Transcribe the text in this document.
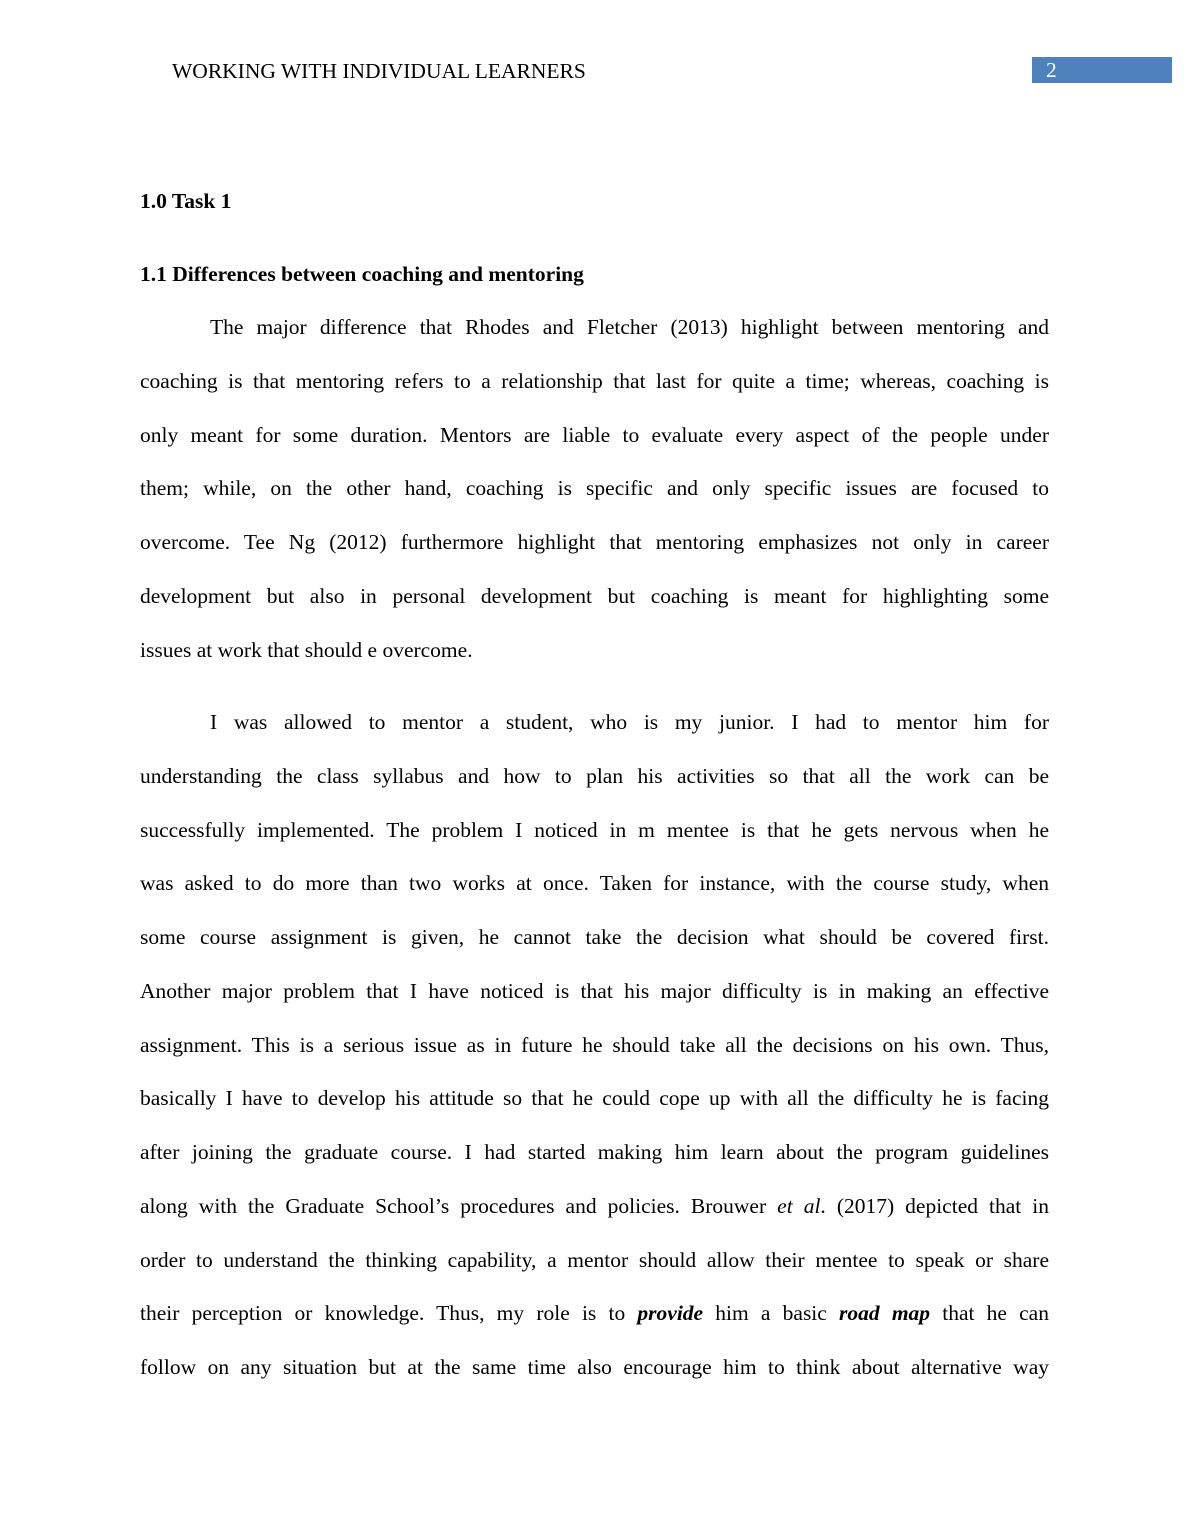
WORKING WITH INDIVIDUAL LEARNERS	2
1.0 Task 1
1.1 Differences between coaching and mentoring
The major difference that Rhodes and Fletcher (2013) highlight between mentoring and
coaching is that mentoring refers to a relationship that last for quite a time; whereas, coaching is
only meant for some duration. Mentors are liable to evaluate every aspect of the people under
them; while, on the other hand, coaching is specific and only specific issues are focused to
overcome. Tee Ng (2012) furthermore highlight that mentoring emphasizes not only in career
development but also in personal development but coaching is meant for highlighting some
issues at work that should e overcome.
I was allowed to mentor a student, who is my junior. I had to mentor him for
understanding the class syllabus and how to plan his activities so that all the work can be
successfully implemented. The problem I noticed in m mentee is that he gets nervous when he
was asked to do more than two works at once. Taken for instance, with the course study, when
some course assignment is given, he cannot take the decision what should be covered first.
Another major problem that I have noticed is that his major difficulty is in making an effective
assignment. This is a serious issue as in future he should take all the decisions on his own. Thus,
basically I have to develop his attitude so that he could cope up with all the difficulty he is facing
after joining the graduate course. I had started making him learn about the program guidelines
along with the Graduate School’s procedures and policies. Brouwer et al. (2017) depicted that in
order to understand the thinking capability, a mentor should allow their mentee to speak or share
their perception or knowledge. Thus, my role is to provide him a basic road map that he can
follow on any situation but at the same time also encourage him to think about alternative way
